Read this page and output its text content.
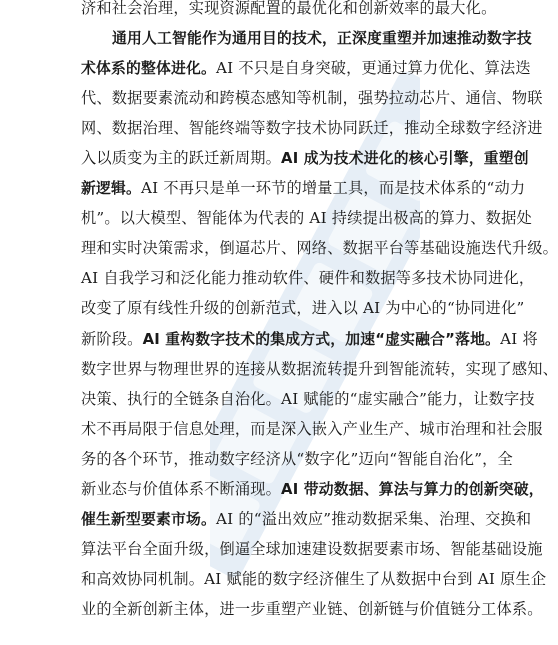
济和社会治理，实现资源配置的最优化和创新效率的最大化。
通用人工智能作为通用目的技术，正深度重塑并加速推动数字技
术体系的整体进化。AI 不只是自身突破，更通过算力优化、算法迭
代、数据要素流动和跨模态感知等机制，强势拉动芯片、通信、物联
网、数据治理、智能终端等数字技术协同跃迁，推动全球数字经济进
入以质变为主的跃迁新周期。AI 成为技术进化的核心引擎，重塑创
新逻辑。AI 不再只是单一环节的增量工具，而是技术体系的“动力
机”。以大模型、智能体为代表的 AI 持续提出极高的算力、数据处
理和实时决策需求，倒逼芯片、网络、数据平台等基础设施迭代升级。
AI 自我学习和泛化能力推动软件、硬件和数据等多技术协同进化，
改变了原有线性升级的创新范式，进入以 AI 为中心的“协同进化”
新阶段。AI 重构数字技术的集成方式，加速“虚实融合”落地。AI 将
数字世界与物理世界的连接从数据流转提升到智能流转，实现了感知、
决策、执行的全链条自治化。AI 赋能的“虚实融合”能力，让数字技
术不再局限于信息处理，而是深入嵌入产业生产、城市治理和社会服
务的各个环节，推动数字经济从“数字化”迈向“智能自治化”，全
新业态与价值体系不断涌现。AI 带动数据、算法与算力的创新突破，
催生新型要素市场。AI 的“溢出效应”推动数据采集、治理、交换和
算法平台全面升级，倒逼全球加速建设数据要素市场、智能基础设施
和高效协同机制。AI 赋能的数字经济催生了从数据中台到 AI 原生企
业的全新创新主体，进一步重塑产业链、创新链与价值链分工体系。
